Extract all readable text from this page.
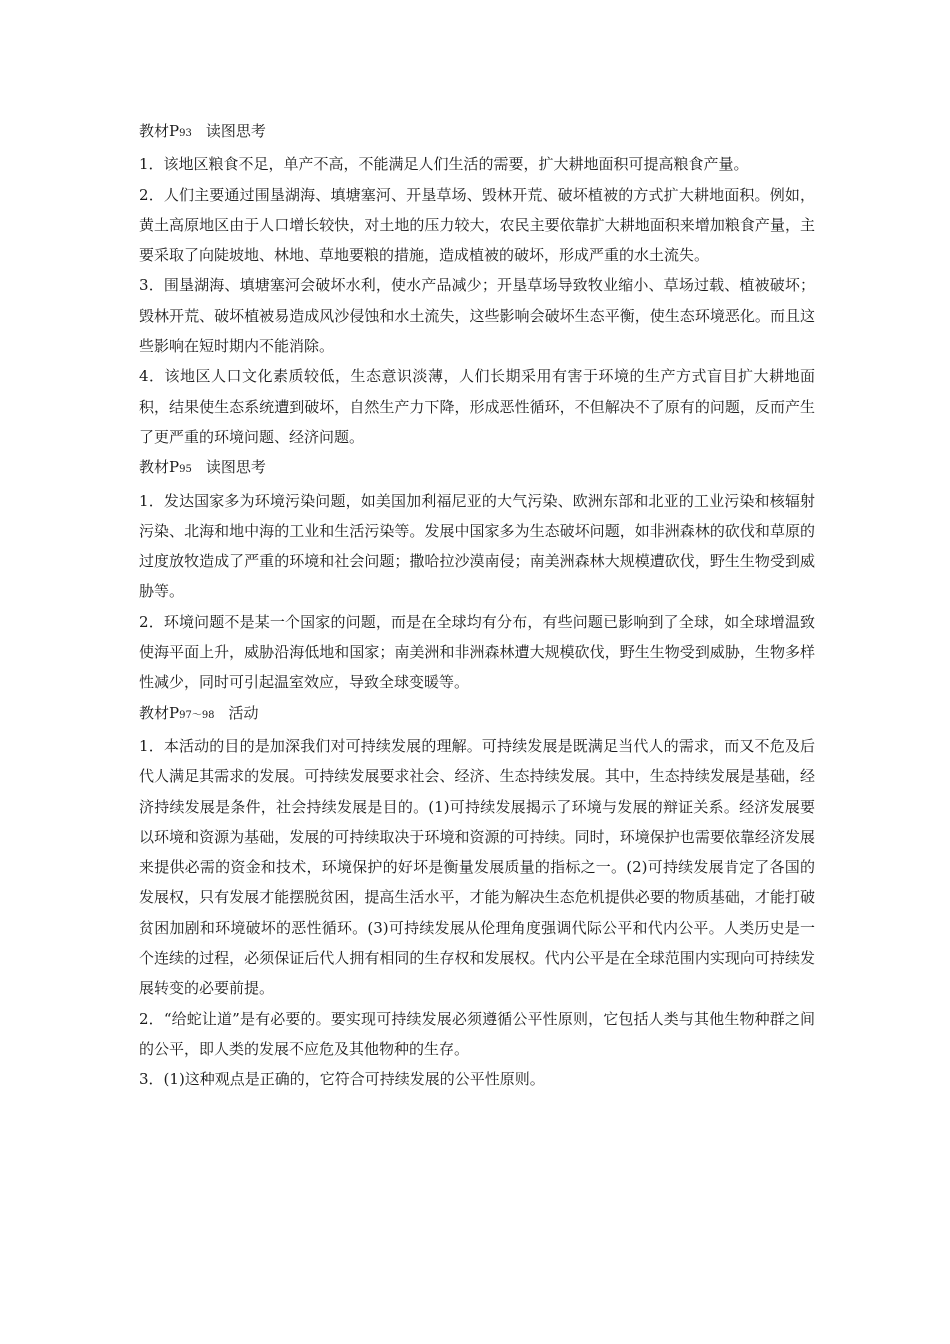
教材P93 读图思考

1．该地区粮食不足，单产不高，不能满足人们生活的需要，扩大耕地面积可提高粮食产量。

2．人们主要通过围垦湖海、填塘塞河、开垦草场、毁林开荒、破坏植被的方式扩大耕地面积。例如，黄土高原地区由于人口增长较快，对土地的压力较大，农民主要依靠扩大耕地面积来增加粮食产量，主要采取了向陡坡地、林地、草地要粮的措施，造成植被的破坏，形成严重的水土流失。

3．围垦湖海、填塘塞河会破坏水利，使水产品减少；开垦草场导致牧业缩小、草场过载、植被破坏；毁林开荒、破坏植被易造成风沙侵蚀和水土流失，这些影响会破坏生态平衡，使生态环境恶化。而且这些影响在短时期内不能消除。

4．该地区人口文化素质较低，生态意识淡薄，人们长期采用有害于环境的生产方式盲目扩大耕地面积，结果使生态系统遭到破坏，自然生产力下降，形成恶性循环，不但解决不了原有的问题，反而产生了更严重的环境问题、经济问题。

教材P95 读图思考

1．发达国家多为环境污染问题，如美国加利福尼亚的大气污染、欧洲东部和北亚的工业污染和核辐射污染、北海和地中海的工业和生活污染等。发展中国家多为生态破坏问题，如非洲森林的砍伐和草原的过度放牧造成了严重的环境和社会问题；撒哈拉沙漠南侵；南美洲森林大规模遭砍伐，野生生物受到威胁等。

2．环境问题不是某一个国家的问题，而是在全球均有分布，有些问题已影响到了全球，如全球增温致使海平面上升，威胁沿海低地和国家；南美洲和非洲森林遭大规模砍伐，野生生物受到威胁，生物多样性减少，同时可引起温室效应，导致全球变暖等。

教材P97～98 活动

1．本活动的目的是加深我们对可持续发展的理解。可持续发展是既满足当代人的需求，而又不危及后代人满足其需求的发展。可持续发展要求社会、经济、生态持续发展。其中，生态持续发展是基础，经济持续发展是条件，社会持续发展是目的。(1)可持续发展揭示了环境与发展的辩证关系。经济发展要以环境和资源为基础，发展的可持续取决于环境和资源的可持续。同时，环境保护也需要依靠经济发展来提供必需的资金和技术，环境保护的好坏是衡量发展质量的指标之一。(2)可持续发展肯定了各国的发展权，只有发展才能摆脱贫困，提高生活水平，才能为解决生态危机提供必要的物质基础，才能打破贫困加剧和环境破坏的恶性循环。(3)可持续发展从伦理角度强调代际公平和代内公平。人类历史是一个连续的过程，必须保证后代人拥有相同的生存权和发展权。代内公平是在全球范围内实现向可持续发展转变的必要前提。

2．“给蛇让道”是有必要的。要实现可持续发展必须遵循公平性原则，它包括人类与其他生物种群之间的公平，即人类的发展不应危及其他物种的生存。

3．(1)这种观点是正确的，它符合可持续发展的公平性原则。
